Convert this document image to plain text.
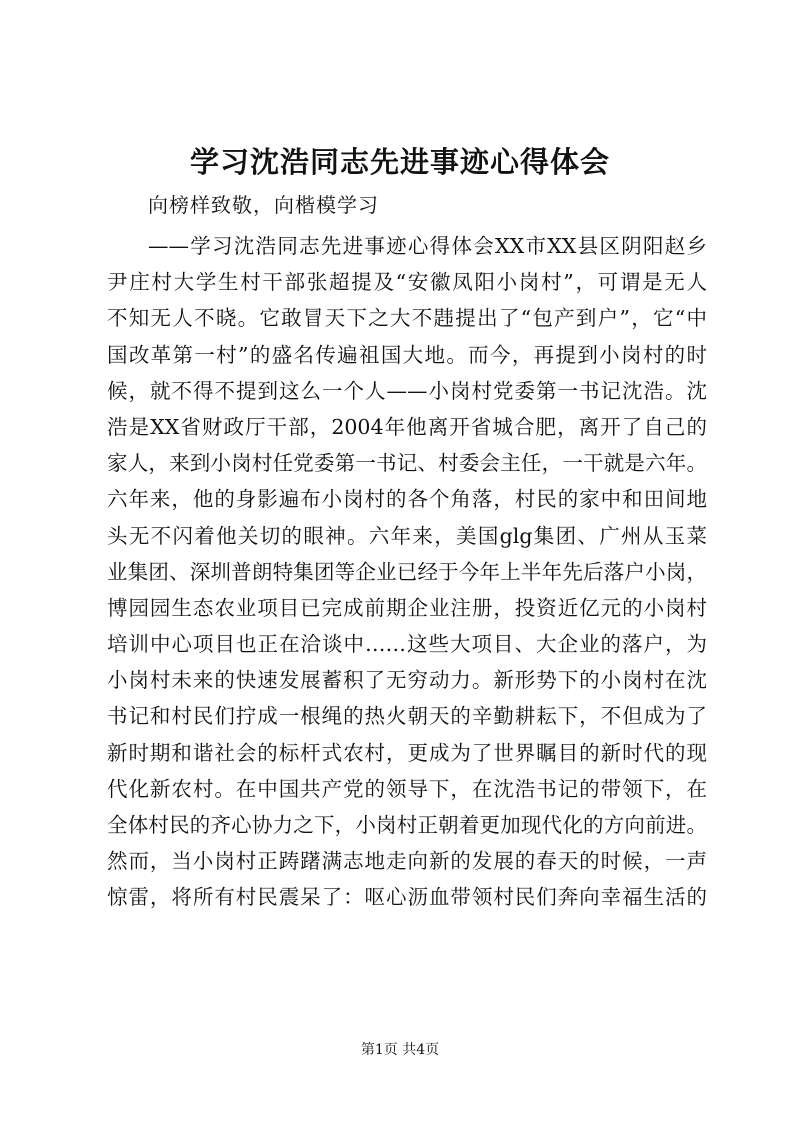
学习沈浩同志先进事迹心得体会

向榜样致敬，向楷模学习

——学习沈浩同志先进事迹心得体会XX市XX县区阴阳赵乡
尹庄村大学生村干部张超提及“安徽凤阳小岗村”，可谓是无人
不知无人不晓。它敢冒天下之大不韪提出了“包产到户”，它“中
国改革第一村”的盛名传遍祖国大地。而今，再提到小岗村的时
候，就不得不提到这么一个人——小岗村党委第一书记沈浩。沈
浩是XX省财政厅干部，2004年他离开省城合肥，离开了自己的
家人，来到小岗村任党委第一书记、村委会主任，一干就是六年。
六年来，他的身影遍布小岗村的各个角落，村民的家中和田间地
头无不闪着他关切的眼神。六年来，美国glg集团、广州从玉菜
业集团、深圳普朗特集团等企业已经于今年上半年先后落户小岗，
博园园生态农业项目已完成前期企业注册，投资近亿元的小岗村
培训中心项目也正在洽谈中……这些大项目、大企业的落户，为
小岗村未来的快速发展蓄积了无穷动力。新形势下的小岗村在沈
书记和村民们拧成一根绳的热火朝天的辛勤耕耘下，不但成为了
新时期和谐社会的标杆式农村，更成为了世界瞩目的新时代的现
代化新农村。在中国共产党的领导下，在沈浩书记的带领下，在
全体村民的齐心协力之下，小岗村正朝着更加现代化的方向前进。
然而，当小岗村正踌躇满志地走向新的发展的春天的时候，一声
惊雷，将所有村民震呆了：呕心沥血带领村民们奔向幸福生活的
第1页 共4页
